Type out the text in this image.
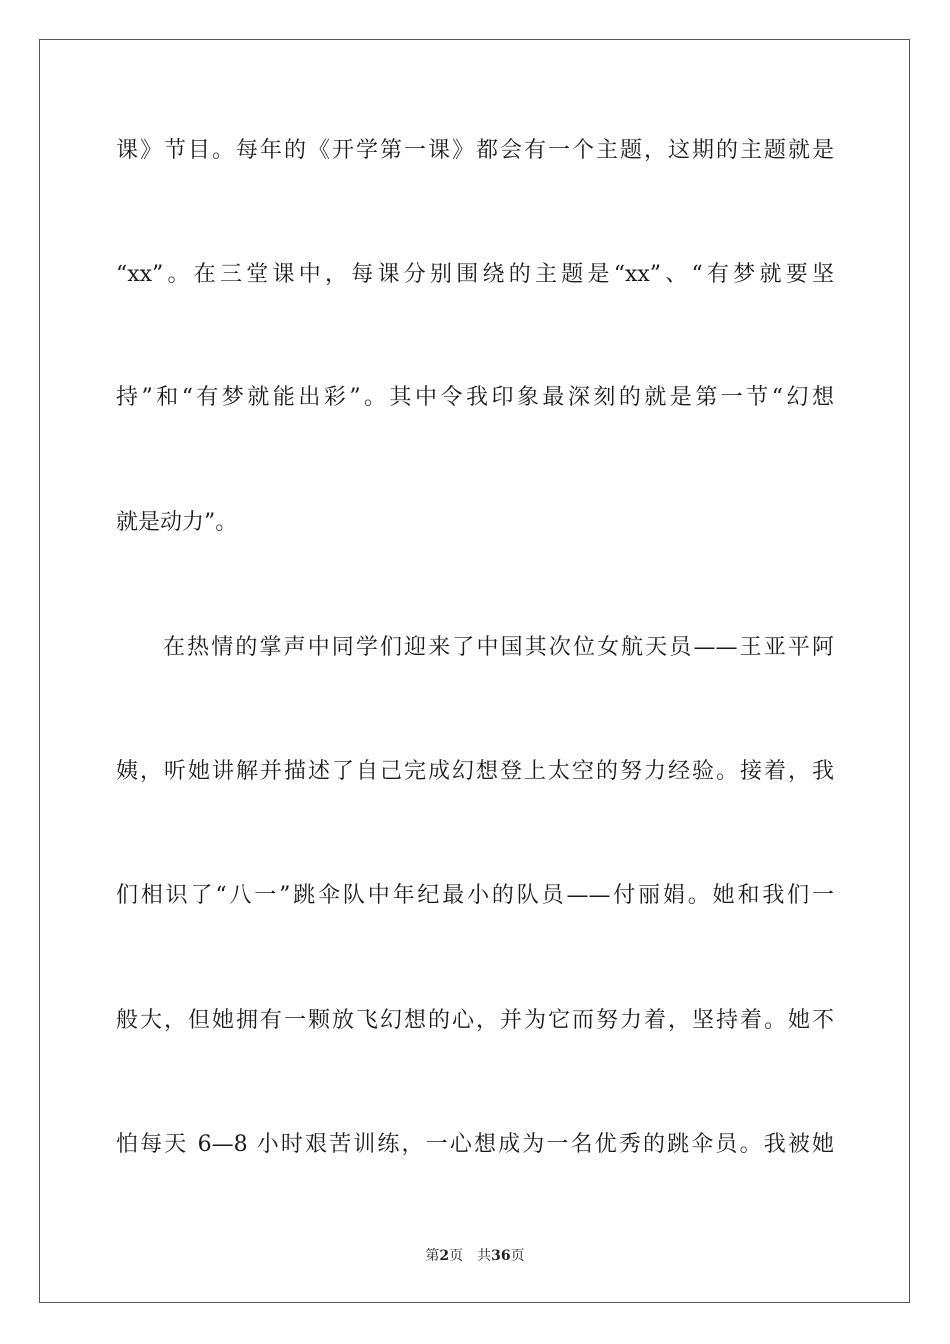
课》节目。每年的《开学第一课》都会有一个主题，这期的主题就是
“xx”。在三堂课中，每课分别围绕的主题是“xx”、“有梦就要坚
持”和“有梦就能出彩”。其中令我印象最深刻的就是第一节“幻想
就是动力”。
在热情的掌声中同学们迎来了中国其次位女航天员——王亚平阿
姨，听她讲解并描述了自己完成幻想登上太空的努力经验。接着，我
们相识了“八一”跳伞队中年纪最小的队员——付丽娟。她和我们一
般大，但她拥有一颗放飞幻想的心，并为它而努力着，坚持着。她不
怕每天 6—8 小时艰苦训练，一心想成为一名优秀的跳伞员。我被她
第2页 共36页
